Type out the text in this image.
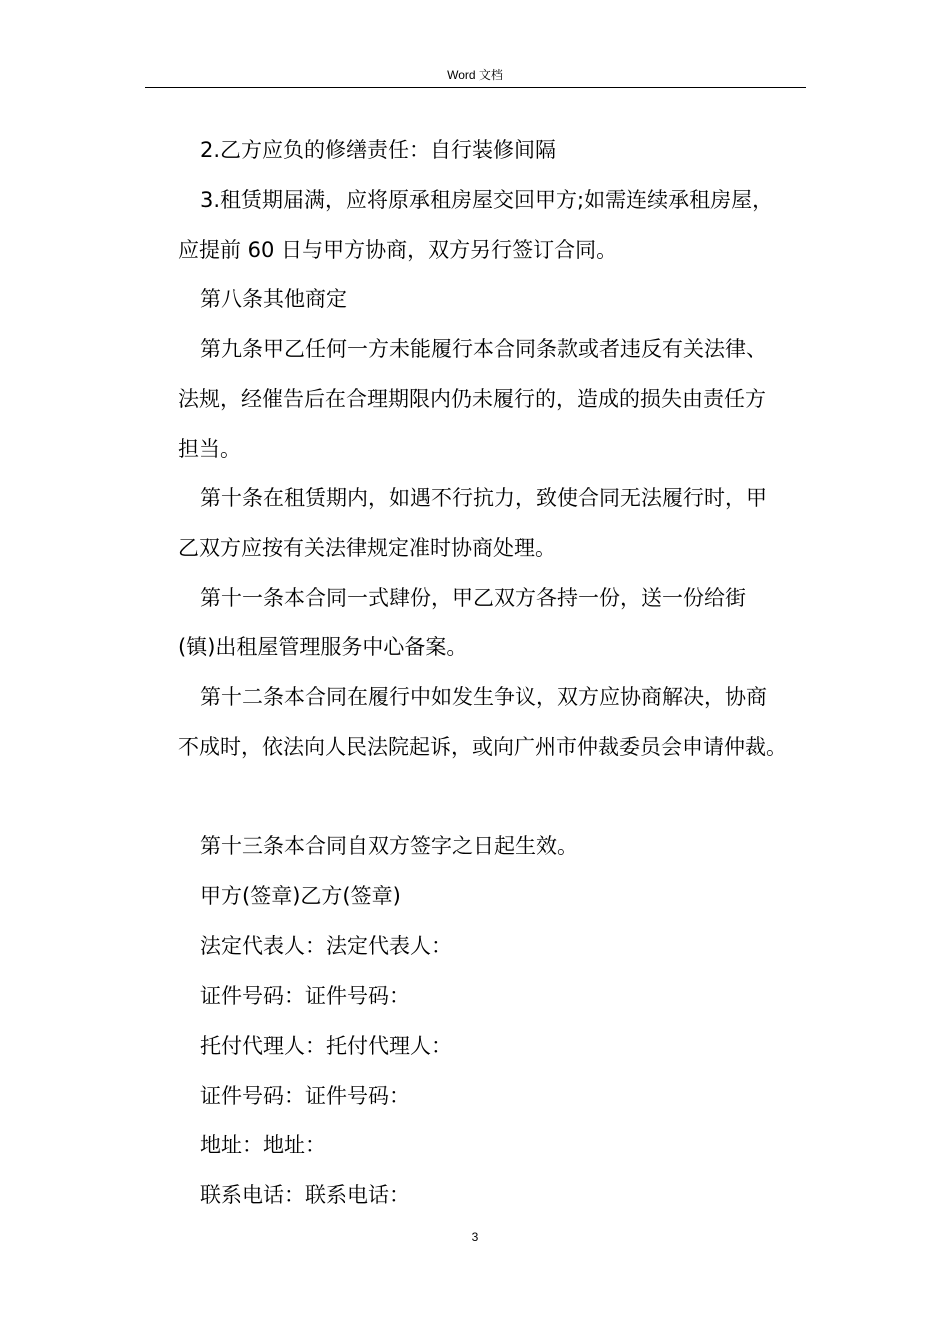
Word 文档
2.乙方应负的修缮责任：自行装修间隔
3.租赁期届满，应将原承租房屋交回甲方;如需连续承租房屋，
应提前 60 日与甲方协商，双方另行签订合同。
第八条其他商定
第九条甲乙任何一方未能履行本合同条款或者违反有关法律、
法规，经催告后在合理期限内仍未履行的，造成的损失由责任方
担当。
第十条在租赁期内，如遇不行抗力，致使合同无法履行时，甲
乙双方应按有关法律规定准时协商处理。
第十一条本合同一式肆份，甲乙双方各持一份，送一份给街
(镇)出租屋管理服务中心备案。
第十二条本合同在履行中如发生争议，双方应协商解决，协商
不成时，依法向人民法院起诉，或向广州市仲裁委员会申请仲裁。
第十三条本合同自双方签字之日起生效。
甲方(签章)乙方(签章)
法定代表人：法定代表人：
证件号码：证件号码：
托付代理人：托付代理人：
证件号码：证件号码：
地址：地址：
联系电话：联系电话：
3
